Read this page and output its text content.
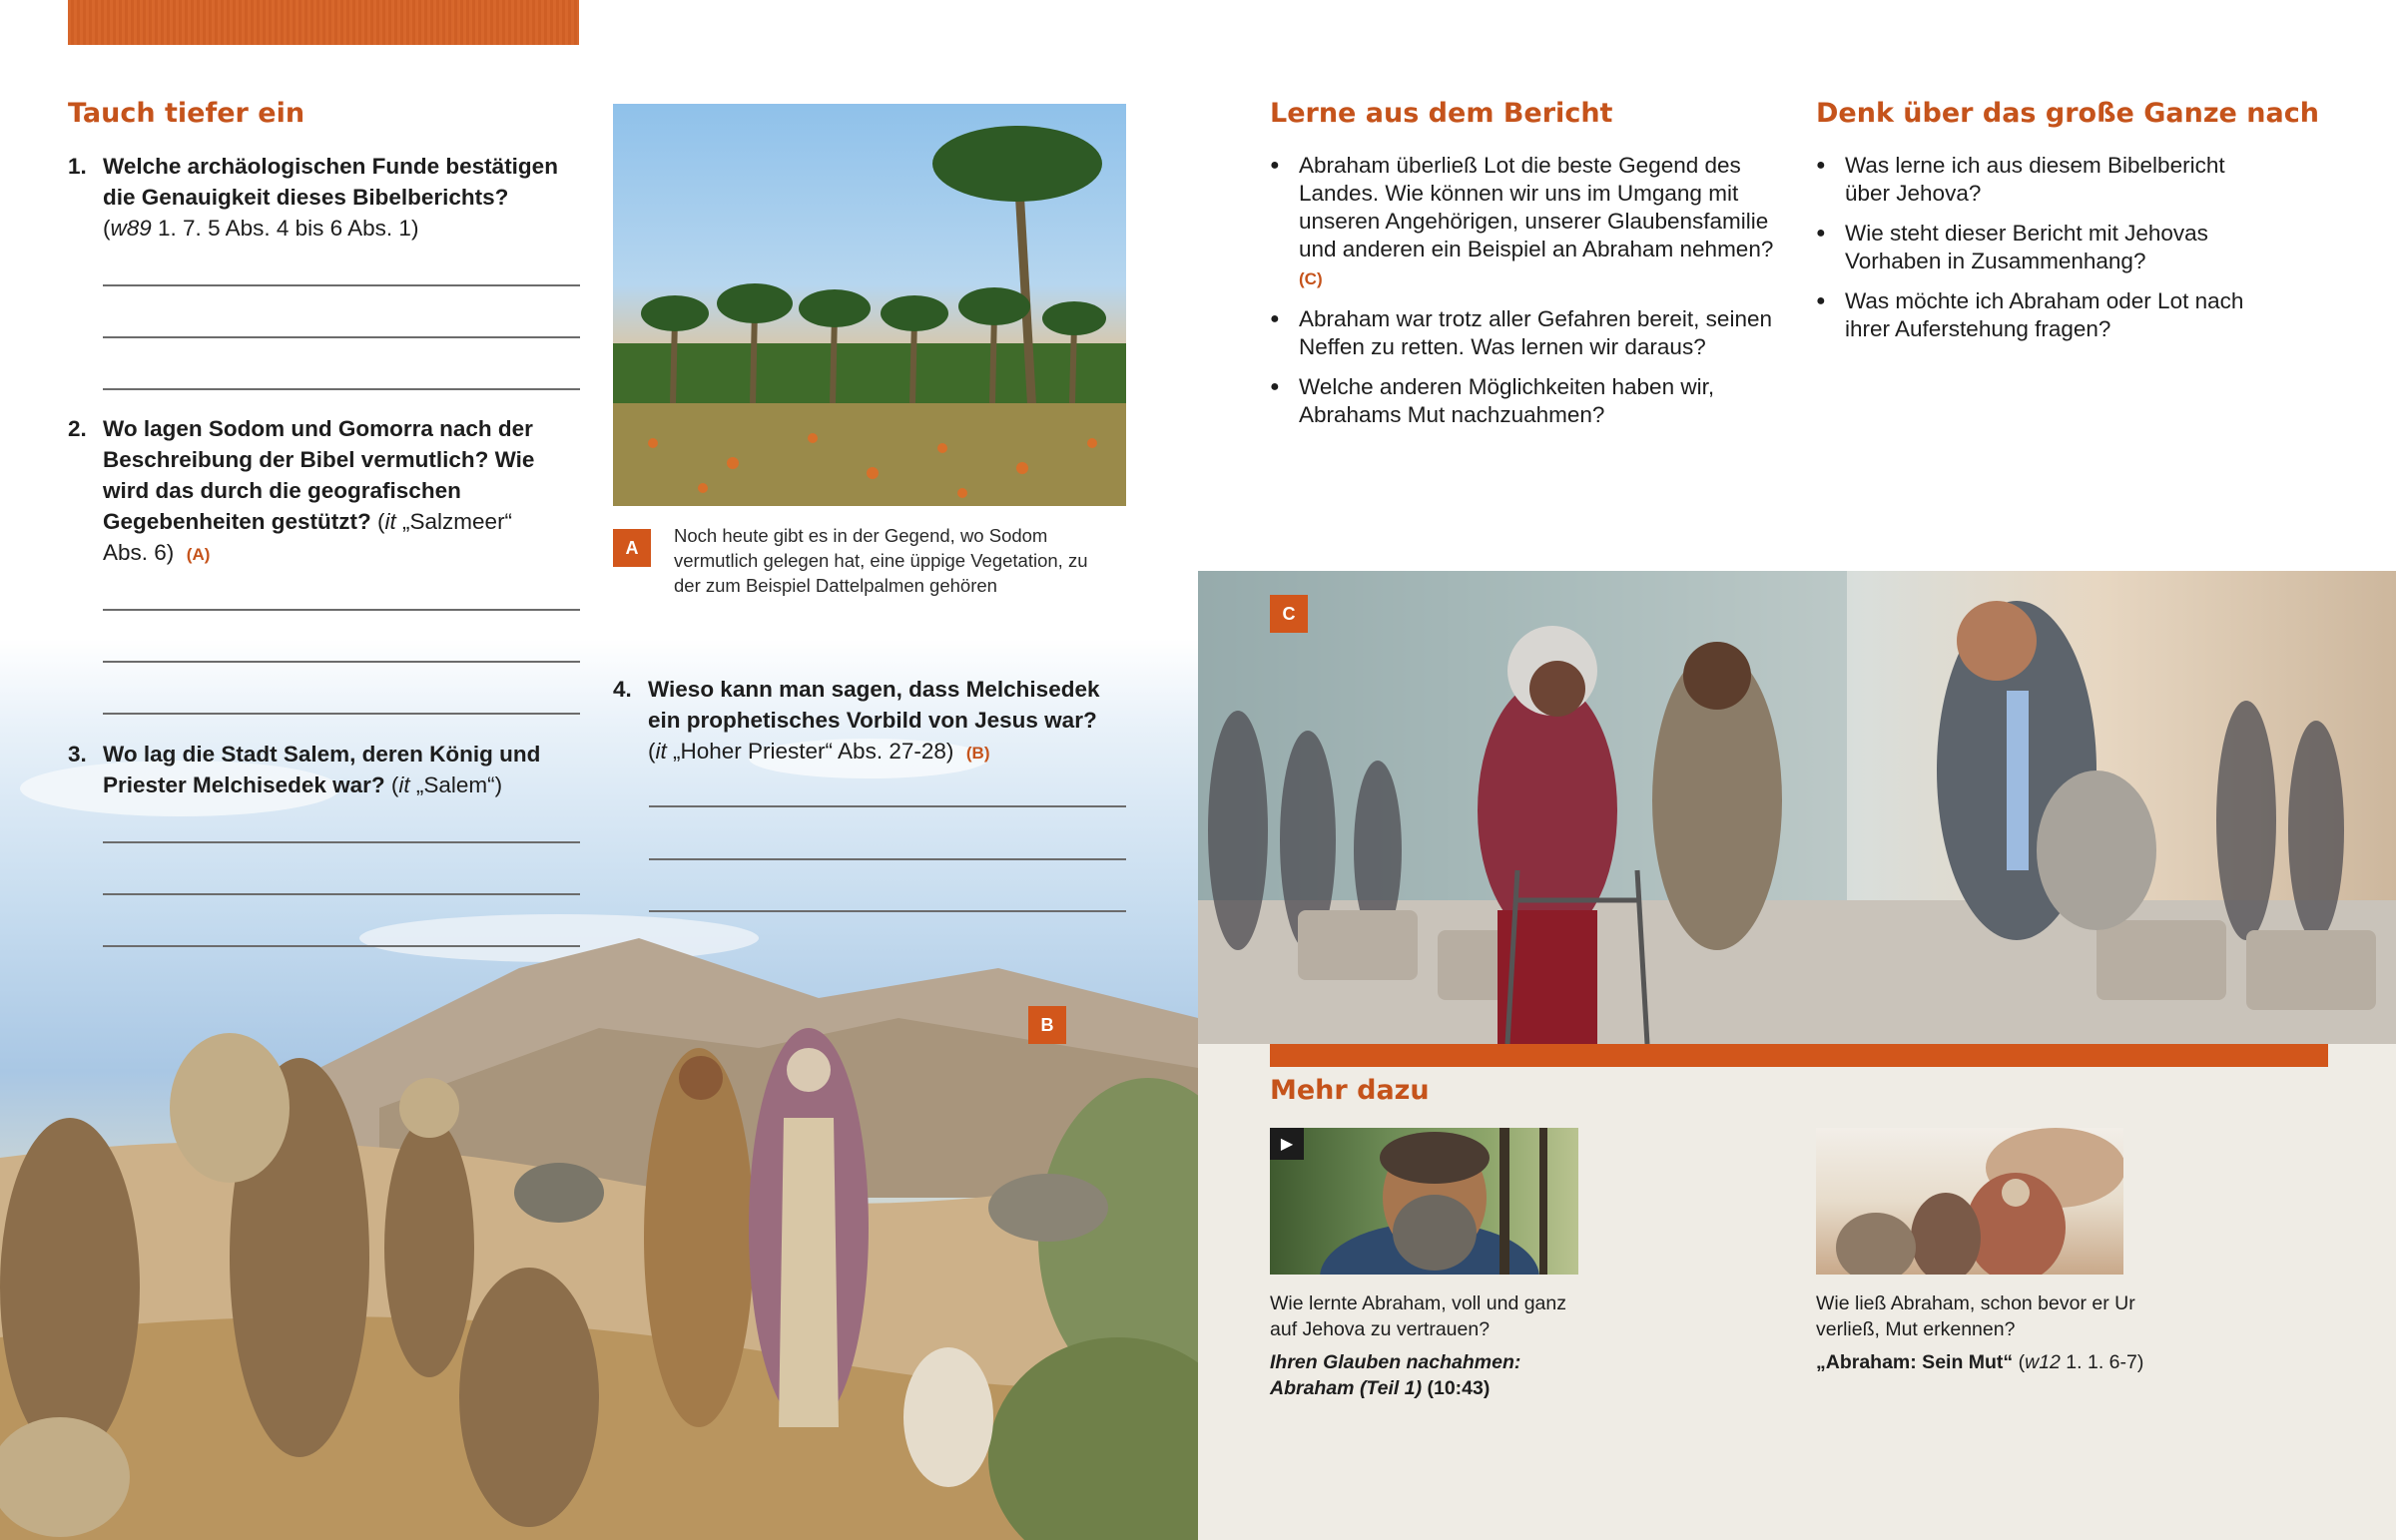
Tauch tiefer ein
1. Welche archäologischen Funde bestätigen die Genauigkeit dieses Bibelberichts?
(w89 1. 7. 5 Abs. 4 bis 6 Abs. 1)
2. Wo lagen Sodom und Gomorra nach der Beschreibung der Bibel vermutlich? Wie wird das durch die geografischen Gegebenheiten gestützt? (it „Salzmeer“ Abs. 6) (A)
3. Wo lag die Stadt Salem, deren König und Priester Melchisedek war? (it „Salem“)
A
Noch heute gibt es in der Gegend, wo Sodom vermutlich gelegen hat, eine üppige Vegetation, zu der zum Beispiel Dattelpalmen gehören
4. Wieso kann man sagen, dass Melchisedek ein prophetisches Vorbild von Jesus war?
(it „Hoher Priester“ Abs. 27-28) (B)
B
Lerne aus dem Bericht
● Abraham überließ Lot die beste Gegend des Landes. Wie können wir uns im Umgang mit unseren Angehörigen, unserer Glaubensfamilie und anderen ein Beispiel an Abraham nehmen?  (C)
● Abraham war trotz aller Gefahren bereit, seinen Neffen zu retten. Was lernen wir daraus?
● Welche anderen Möglichkeiten haben wir, Abrahams Mut nachzuahmen?
Denk über das große Ganze nach
● Was lerne ich aus diesem Bibelbericht über Jehova?
● Wie steht dieser Bericht mit Jehovas Vorhaben in Zusammenhang?
● Was möchte ich Abraham oder Lot nach ihrer Auferstehung fragen?
C
Mehr dazu
▶
Wie lernte Abraham, voll und ganz auf Jehova zu vertrauen?
Ihren Glauben nachahmen: Abraham (Teil 1) (10:43)
Wie ließ Abraham, schon bevor er Ur verließ, Mut erkennen?
„Abraham: Sein Mut“ (w12 1. 1. 6-7)
